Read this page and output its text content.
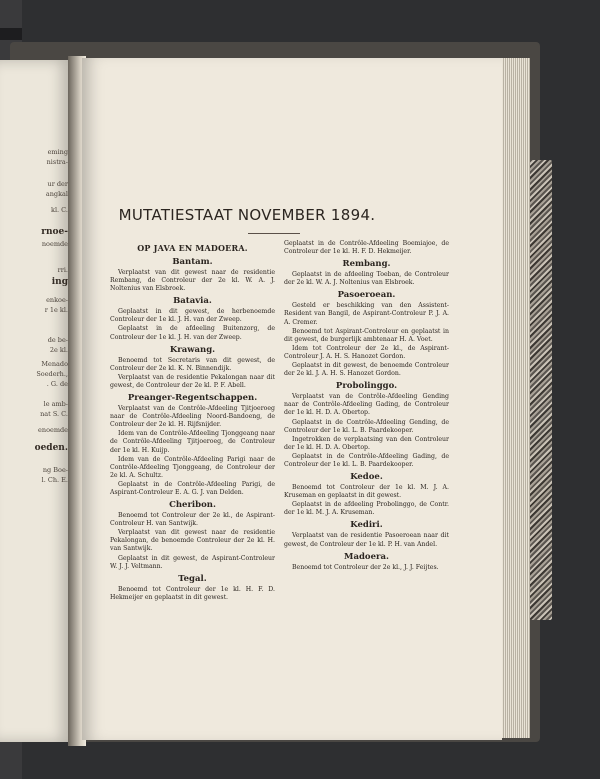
eming
nistra-
ur der
angkal
kl. C.
rnoe-
noemde
rri.
ing
enkoe-
r 1e kl.
de be-
2e kl.
Menado
Soederh.,
. G. de
le amb-
nat S. C.
enoemde
oeden.
ng Boe-
l. Ch. E.
MUTATIESTAAT NOVEMBER 1894.
OP JAVA EN MADOERA.
Bantam.
Verplaatst van dit gewest naar de residentie Rembang, de Controleur der 2e kl. W. A. J. Noltenius van Elsbroek.
Batavia.
Geplaatst in dit gewest, de herbenoemde Controleur der 1e kl. J. H. van der Zweep.
Geplaatst in de afdeeling Buitenzorg, de Controleur der 1e kl. J. H. van der Zweep.
Krawang.
Benoemd tot Secretaris van dit gewest, de Controleur der 2e kl. K. N. Binnendijk.
Verplaatst van de residentie Pekalongan naar dit gewest, de Controleur der 2e kl. P. F. Abell.
Preanger-Regentschappen.
Verplaatst van de Contrôle-Afdeeling Tjitjoeroeg naar de Contrôle-Afdeeling Noord-Bandoeng, de Controleur der 2e kl. H. Rijfsnijder.
Idem van de Contrôle-Afdeeling Tjonggeang naar de Contrôle-Afdeeling Tjitjoeroeg, de Controleur der 1e kl. H. Kuijp.
Idem van de Contrôle-Afdeeling Parigi naar de Contrôle-Afdeeling Tjonggeang, de Controleur der 2e kl. A. Schultz.
Geplaatst in de Contrôle-Afdeeling Parigi, de Aspirant-Controleur E. A. G. J. van Delden.
Cheribon.
Benoemd tot Controleur der 2e kl., de Aspirant-Controleur H. van Santwijk.
Verplaatst van dit gewest naar de residentie Pekalongan, de benoemde Controleur der 2e kl. H. van Santwijk.
Geplaatst in dit gewest, de Aspirant-Controleur W. J. J. Veltmann.
Tegal.
Benoemd tot Controleur der 1e kl. H. F. D. Hekmeijer en geplaatst in dit gewest.
Geplaatst in de Contrôle-Afdeeling Boemiajoe, de Controleur der 1e kl. H. F. D. Hekmeijer.
Rembang.
Geplaatst in de afdeeling Toeban, de Controleur der 2e kl. W. A. J. Noltenius van Elsbroek.
Pasoeroean.
Gesteld er beschikking van den Assistent-Resident van Bangil, de Aspirant-Controleur P. J. A. A. Cremer.
Benoemd tot Aspirant-Controleur en geplaatst in dit gewest, de burgerlijk ambtenaar H. A. Voet.
Idem tot Controleur der 2e kl., de Aspirant-Controleur J. A. H. S. Hanozet Gordon.
Geplaatst in dit gewest, de benoemde Controleur der 2e kl. J. A. H. S. Hanozet Gordon.
Probolinggo.
Verplaatst van de Contrôle-Afdeeling Gending naar de Contrôle-Afdeeling Gading, de Controleur der 1e kl. H. D. A. Obertop.
Geplaatst in de Contrôle-Afdeeling Gending, de Controleur der 1e kl. L. B. Paardekooper.
Ingetrokken de verplaatsing van den Controleur der 1e kl. H. D. A. Obertop.
Geplaatst in de Contrôle-Afdeeling Gading, de Controleur der 1e kl. L. B. Paardekooper.
Kedoe.
Benoemd tot Controleur der 1e kl. M. J. A. Kruseman en geplaatst in dit gewest.
Geplaatst in de afdeeling Probolinggo, de Contr. der 1e kl. M. J. A. Kruseman.
Kediri.
Verplaatst van de residentie Pasoeroean naar dit gewest, de Controleur der 1e kl. P. H. van Andel.
Madoera.
Benoemd tot Controleur der 2e kl., J. J. Feijtes.
